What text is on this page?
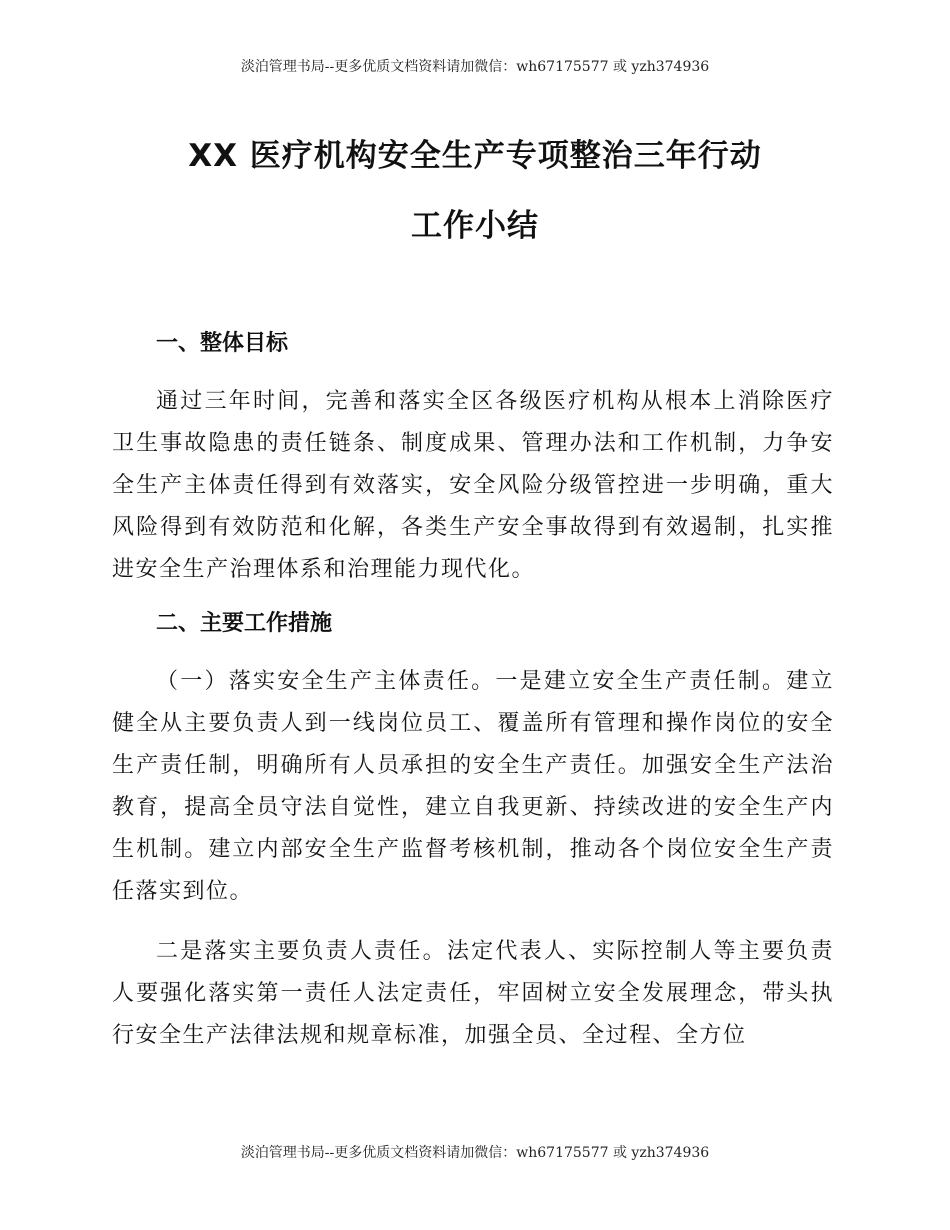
淡泊管理书局--更多优质文档资料请加微信：wh67175577 或 yzh374936
XX 医疗机构安全生产专项整治三年行动
工作小结
一、整体目标

通过三年时间，完善和落实全区各级医疗机构从根本上消除医疗卫生事故隐患的责任链条、制度成果、管理办法和工作机制，力争安全生产主体责任得到有效落实，安全风险分级管控进一步明确，重大风险得到有效防范和化解，各类生产安全事故得到有效遏制，扎实推进安全生产治理体系和治理能力现代化。

二、主要工作措施

（一）落实安全生产主体责任。一是建立安全生产责任制。建立健全从主要负责人到一线岗位员工、覆盖所有管理和操作岗位的安全生产责任制，明确所有人员承担的安全生产责任。加强安全生产法治教育，提高全员守法自觉性，建立自我更新、持续改进的安全生产内生机制。建立内部安全生产监督考核机制，推动各个岗位安全生产责任落实到位。

二是落实主要负责人责任。法定代表人、实际控制人等主要负责人要强化落实第一责任人法定责任，牢固树立安全发展理念，带头执行安全生产法律法规和规章标准，加强全员、全过程、全方位

淡泊管理书局--更多优质文档资料请加微信：wh67175577 或 yzh374936
